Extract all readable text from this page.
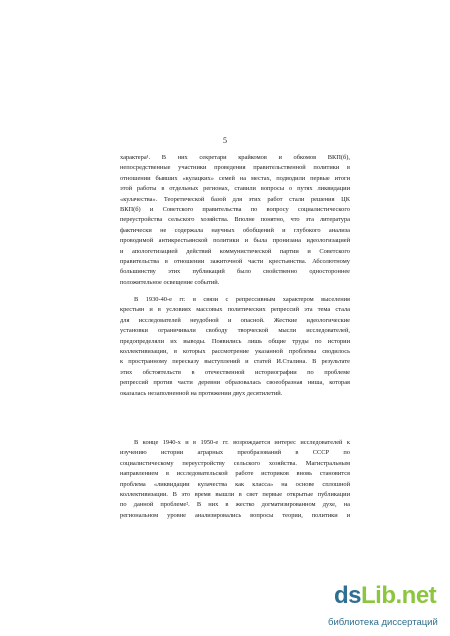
5
характера¹. В них секретари крайкомов и обкомов ВКП(б),
непосредственные участники проведения правительственной политики в
отношении бывших «кулацких» семей на местах, подводили первые итоги
этой работы в отдельных регионах, ставили вопросы о путях ликвидации
«кулачества». Теоретической базой для этих работ стали решения ЦК
ВКП(б) и Советского правительства по вопросу социалистического
переустройства сельского хозяйства. Вполне понятно, что эта литература
фактически не содержала научных обобщений и глубокого анализа
проводимой антикрестьянской политики и была пронизана идеологизацией
и апологетизацией действий коммунистической партии и Советского
правительства в отношении зажиточной части крестьянства. Абсолютному
большинству этих публикаций было свойственно одностороннее
положительное освещение событий.
В 1930-40-е гг. в связи с репрессивным характером выселения
крестьян и в условиях массовых политических репрессий эта тема стала
для исследователей неудобной и опасной. Жесткие идеологические
установки ограничивали свободу творческой мысли исследователей,
предопределяли их выводы. Появились лишь общие труды по истории
коллективизации, в которых рассмотрение указанной проблемы сводилось
к пространному пересказу выступлений и статей И.Сталина. В результате
этих обстоятельств в отечественной историографии по проблеме
репрессий против части деревни образовалась своеобразная ниша, которая
оказалась незаполненной на протяжении двух десятилетий.
В конце 1940-х и в 1950-е гг. возрождается интерес исследователей к
изучению истории аграрных преобразований в СССР по
социалистическому переустройству сельского хозяйства. Магистральным
направлением в исследовательской работе историков вновь становится
проблема «ликвидации кулачества как класса» на основе сплошной
коллективизации. В это время вышли в свет первые открытые публикации
по данной проблеме². В них в жестко догматизированном духе, на
региональном уровне анализировались вопросы теории, политики и
dsLib.net
библиотека диссертаций
